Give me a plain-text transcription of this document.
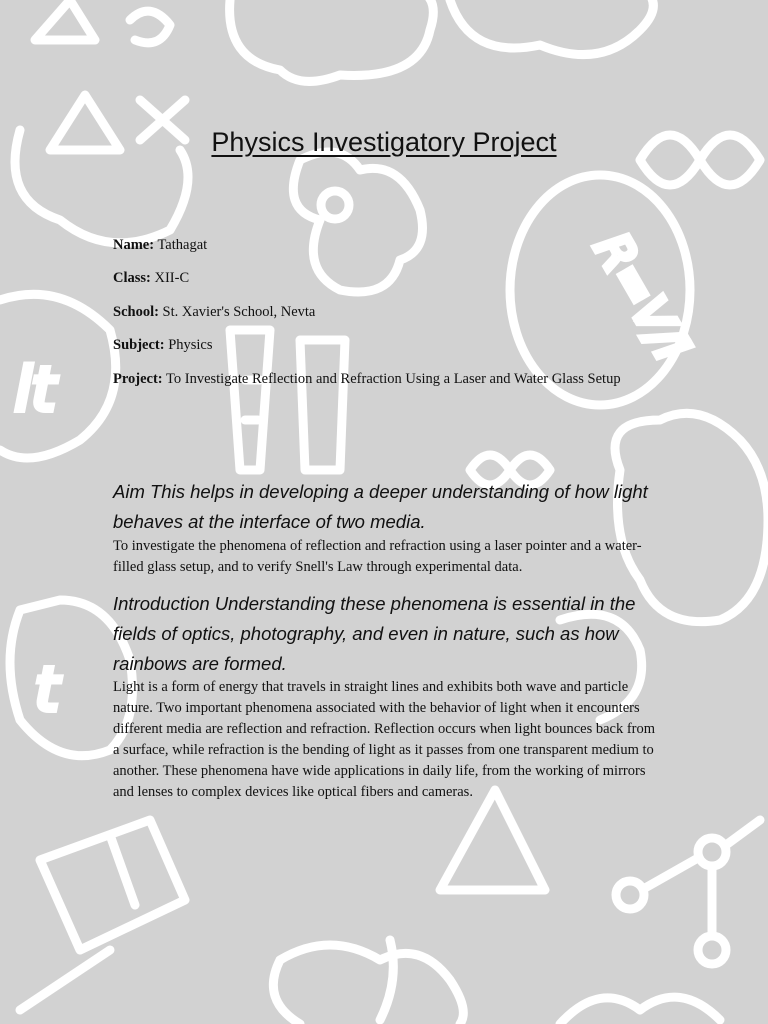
R=V/I
it
t
Physics Investigatory Project
Name: Tathagat
Class: XII-C
School: St. Xavier's School, Nevta
Subject: Physics
Project: To Investigate Reflection and Refraction Using a Laser and Water Glass Setup
Aim This helps in developing a deeper understanding of how light behaves at the interface of two media.
To investigate the phenomena of reflection and refraction using a laser pointer and a water-filled glass setup, and to verify Snell's Law through experimental data.
Introduction Understanding these phenomena is essential in the fields of optics, photography, and even in nature, such as how rainbows are formed.
Light is a form of energy that travels in straight lines and exhibits both wave and particle nature. Two important phenomena associated with the behavior of light when it encounters different media are reflection and refraction. Reflection occurs when light bounces back from a surface, while refraction is the bending of light as it passes from one transparent medium to another. These phenomena have wide applications in daily life, from the working of mirrors and lenses to complex devices like optical fibers and cameras.
